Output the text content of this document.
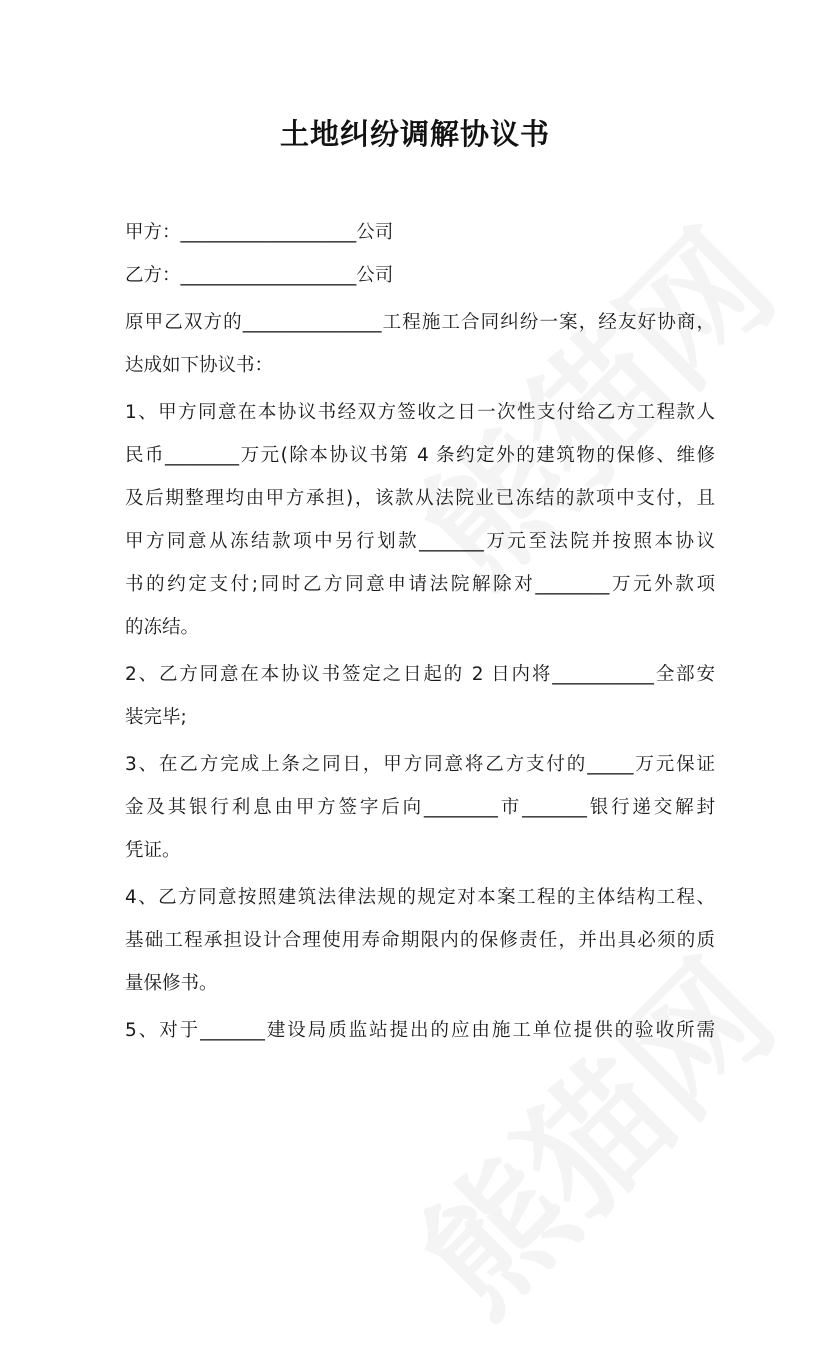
土地纠纷调解协议书
甲方：___________________公司
乙方：___________________公司
原甲乙双方的_______________工程施工合同纠纷一案，经友好协商，
达成如下协议书：
1、甲方同意在本协议书经双方签收之日一次性支付给乙方工程款人
民币________万元(除本协议书第 4 条约定外的建筑物的保修、维修
及后期整理均由甲方承担)，该款从法院业已冻结的款项中支付，且
甲方同意从冻结款项中另行划款_______万元至法院并按照本协议
书的约定支付;同时乙方同意申请法院解除对________万元外款项
的冻结。
2、乙方同意在本协议书签定之日起的 2 日内将___________全部安
装完毕;
3、在乙方完成上条之同日，甲方同意将乙方支付的_____万元保证
金及其银行利息由甲方签字后向________市_______银行递交解封
凭证。
4、乙方同意按照建筑法律法规的规定对本案工程的主体结构工程、
基础工程承担设计合理使用寿命期限内的保修责任，并出具必须的质
量保修书。
5、对于_______建设局质监站提出的应由施工单位提供的验收所需
